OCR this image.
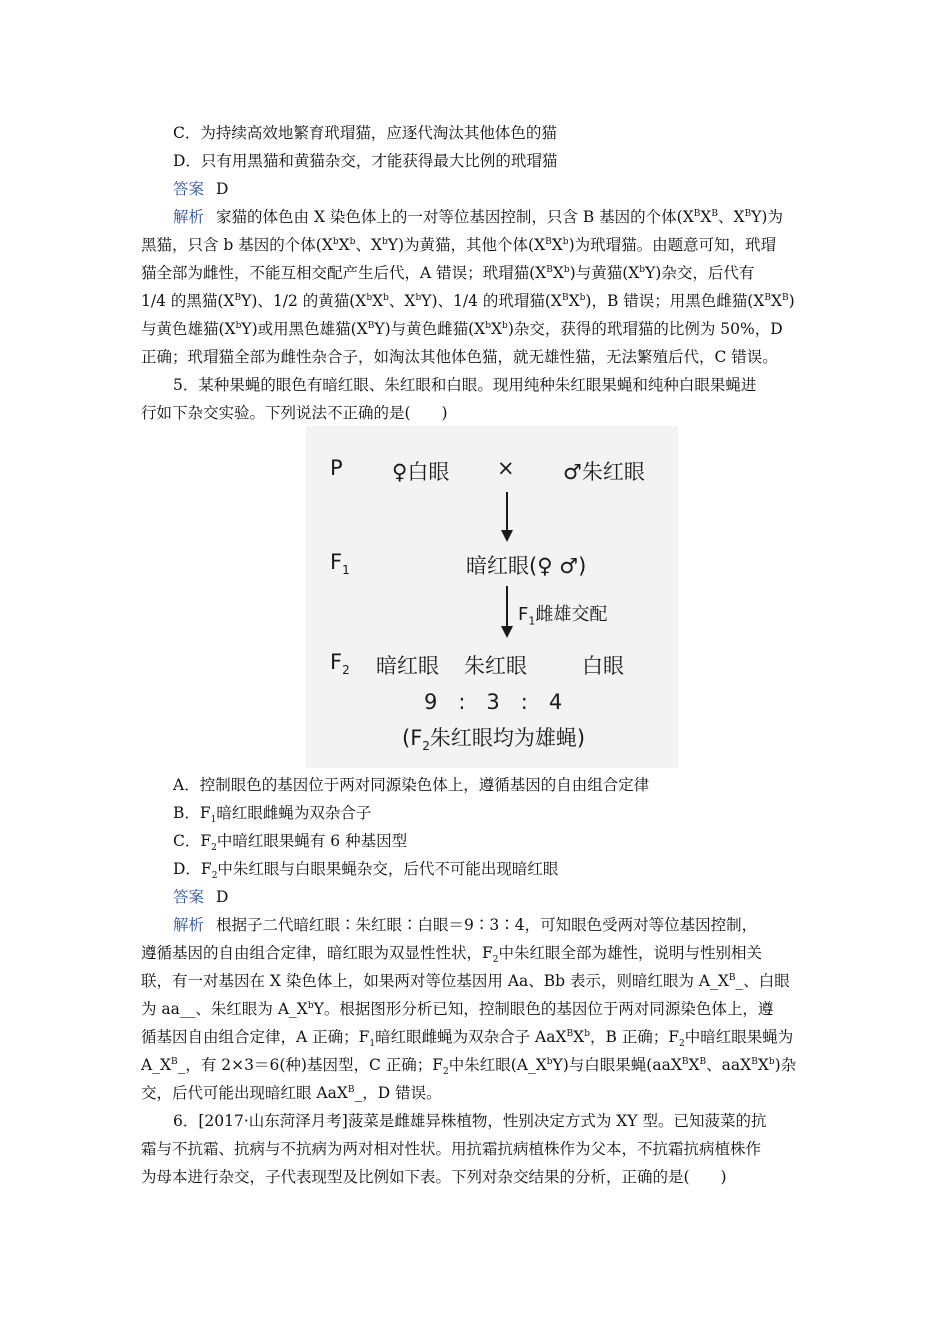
C．为持续高效地繁育玳瑁猫，应逐代淘汰其他体色的猫
D．只有用黑猫和黄猫杂交，才能获得最大比例的玳瑁猫
答案 D
解析 家猫的体色由 X 染色体上的一对等位基因控制，只含 B 基因的个体($X^BX^B$、$X^BY$)为
黑猫，只含 b 基因的个体($X^bX^b$、$X^bY$)为黄猫，其他个体$(X^BX^b)$为玳瑁猫。由题意可知，玳瑁
猫全部为雌性，不能互相交配产生后代，A 错误；玳瑁猫$(X^BX^b)$与黄猫$(X^bY)$杂交，后代有
1/4 的黑猫$(X^BY)$、1/2 的黄猫($X^bX^b$、$X^bY$)、1/4 的玳瑁猫$(X^BX^b)$，B 错误；用黑色雌猫$(X^BX^B)$
与黄色雄猫$(X^bY)$或用黑色雄猫$(X^BY)$与黄色雌猫$(X^bX^b)$杂交，获得的玳瑁猫的比例为 50%，D
正确；玳瑁猫全部为雌性杂合子，如淘汰其他体色猫，就无雄性猫，无法繁殖后代，C 错误。
5．某种果蝇的眼色有暗红眼、朱红眼和白眼。现用纯种朱红眼果蝇和纯种白眼果蝇进
行如下杂交实验。下列说法不正确的是(　　)
P ♀白眼 × ♂朱红眼
$F_1$	暗红眼(♀ ♂)
$F_1$雌雄交配
$F_2$ 暗红眼 朱红眼	白眼
9　:　3　:　4
($F_2$朱红眼均为雄蝇)
A．控制眼色的基因位于两对同源染色体上，遵循基因的自由组合定律
B．$F_1$暗红眼雌蝇为双杂合子
C．$F_2$中暗红眼果蝇有 6 种基因型
D．$F_2$中朱红眼与白眼果蝇杂交，后代不可能出现暗红眼
答案 D
解析 根据子二代暗红眼∶朱红眼∶白眼＝9∶3∶4，可知眼色受两对等位基因控制，
遵循基因的自由组合定律，暗红眼为双显性性状，$F_2$中朱红眼全部为雄性，说明与性别相关
联，有一对基因在 X 染色体上，如果两对等位基因用 Aa、Bb 表示，则暗红眼为 $A\_X^B\_$、白眼
为 aa__、朱红眼为 $A\_X^bY$。根据图形分析已知，控制眼色的基因位于两对同源染色体上，遵
循基因自由组合定律，A 正确；$F_1$暗红眼雌蝇为双杂合子 $AaX^BX^b$，B 正确；$F_2$中暗红眼果蝇为
$A\_X^B\_$，有 2×3＝6(种)基因型，C 正确；$F_2$中朱红眼$(A\_X^bY)$与白眼果蝇($aaX^BX^B$、$aaX^BX^b$)杂
交，后代可能出现暗红眼 AaX$^B$_，D 错误。
6．[2017·山东菏泽月考]菠菜是雌雄异株植物，性别决定方式为 XY 型。已知菠菜的抗
霜与不抗霜、抗病与不抗病为两对相对性状。用抗霜抗病植株作为父本，不抗霜抗病植株作
为母本进行杂交，子代表现型及比例如下表。下列对杂交结果的分析，正确的是(　　)
